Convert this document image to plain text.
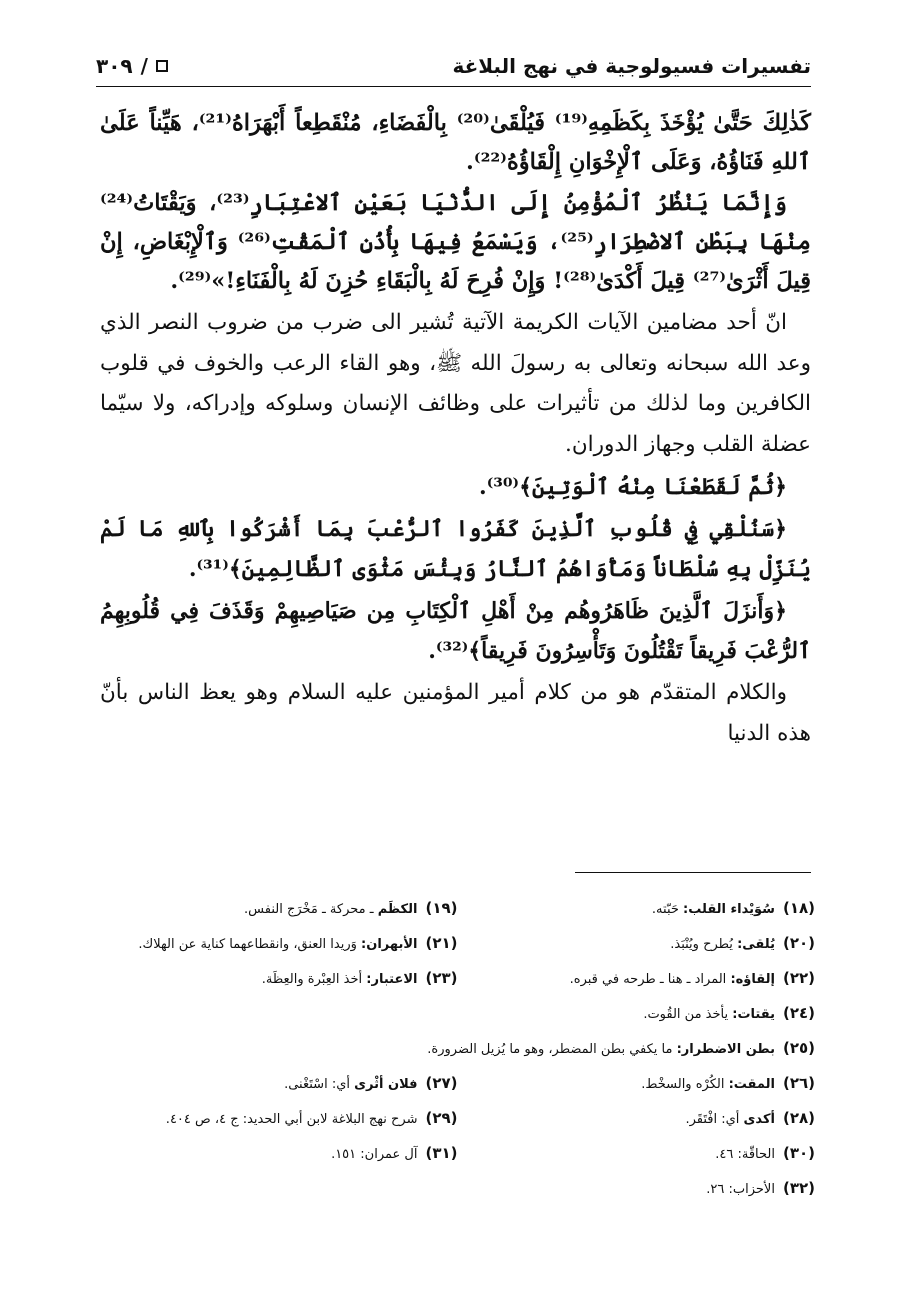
تفسيرات فسيولوجية في نهج البلاغة
٣٠٩ /

كَذٰلِكَ حَتَّىٰ يُؤْخَذَ بِكَظَمِهِ⁽¹⁹⁾ فَيُلْقَىٰ⁽²⁰⁾ بِالْفَضَاءِ، مُنْقَطِعاً أَبْهَرَاهُ⁽²¹⁾، هَيِّناً عَلَىٰ ٱللهِ فَنَاؤُهُ، وَعَلَى ٱلْإِخْوَانِ إِلْقَاؤُهُ⁽²²⁾.

وَإِنَّمَا يَنْظُرُ ٱلْمُؤْمِنُ إِلَى الدُّنْيَا بَعَيْنِ ٱلاعْتِبَارِ⁽²³⁾، وَيَقْتَاتُ⁽²⁴⁾ مِنْهَا بِبَطْنِ ٱلاضْطِرَارِ⁽²⁵⁾، وَيَسْمَعُ فِيهَا بِأُذُنِ ٱلْمَقْتِ⁽²⁶⁾ وَٱلْإِبْغَاضِ، إِنْ قِيلَ أَثْرَىٰ⁽²⁷⁾ قِيلَ أَكْدَىٰ⁽²⁸⁾! وَإِنْ فُرِحَ لَهُ بِالْبَقَاءِ حُزِنَ لَهُ بِالْفَنَاءِ!»⁽²⁹⁾.

انّ أحد مضامين الآيات الكريمة الآتية تُشير الى ضرب من ضروب النصر الذي وعد الله سبحانه وتعالى به رسولَ الله ﷺ، وهو القاء الرعب والخوف في قلوب الكافرين وما لذلك من تأثيرات على وظائف الإنسان وسلوكه وإدراكه، ولا سيّما عضلة القلب وجهاز الدوران.

﴿ثُمَّ لَقَطَعْنَا مِنْهُ ٱلْوَتِينَ﴾⁽³⁰⁾.

﴿سَنُلْقِي فِي قُلُوبِ ٱلَّذِينَ كَفَرُوا ٱلرُّعْبَ بِمَا أَشْرَكُوا بِٱللهِ مَا لَمْ يُنَزِّلْ بِهِ سُلْطَاناً وَمَأْوَاهُمُ ٱلنَّارُ وَبِئْسَ مَثْوَى ٱلظَّالِمِينَ﴾⁽³¹⁾.

﴿وَأَنزَلَ ٱلَّذِينَ ظَاهَرُوهُم مِنْ أَهْلِ ٱلْكِتَابِ مِن صَيَاصِيهِمْ وَقَذَفَ فِي قُلُوبِهِمُ ٱلرُّعْبَ فَرِيقاً تَقْتُلُونَ وَتَأْسِرُونَ فَرِيقاً﴾⁽³²⁾.

والكلام المتقدّم هو من كلام أمير المؤمنين عليه السلام وهو يعظ الناس بأنّ هذه الدنيا

(١٨)سُوَيْداء القلب: حَبّته.
(١٩)الكظَم ـ محركة ـ مَخْرَج النفس.
(٢٠)يُلقى: يُطرح ويُنْبَذ.
(٢١)الأبهران: وَريدا العنق، وانقطاعهما كناية عن الهلاك.
(٢٢)إلقاؤه: المراد ـ هنا ـ طرحه في قبره.
(٢٣)الاعتبار: أخذ العِبْرة والعِظَة.
(٢٤)يقتات: يأخذ من القُوت.
(٢٥)بطن الاضطرار: ما يكفي بطن المضطر، وهو ما يُزيل الضرورة.
(٢٦)المقت: الكُرْه والسخْط.
(٢٧)فلان أثْرى أي: اسْتَغْنى.
(٢٨)أكدى أي: افْتَقَر.
(٢٩)شرح نهج البلاغة لابن أبي الحديد: ج ٤، ص ٤٠٤.
(٣٠)الحاقّة: ٤٦.
(٣١)آل عمران: ١٥١.
(٣٢)الأحزاب: ٢٦.
